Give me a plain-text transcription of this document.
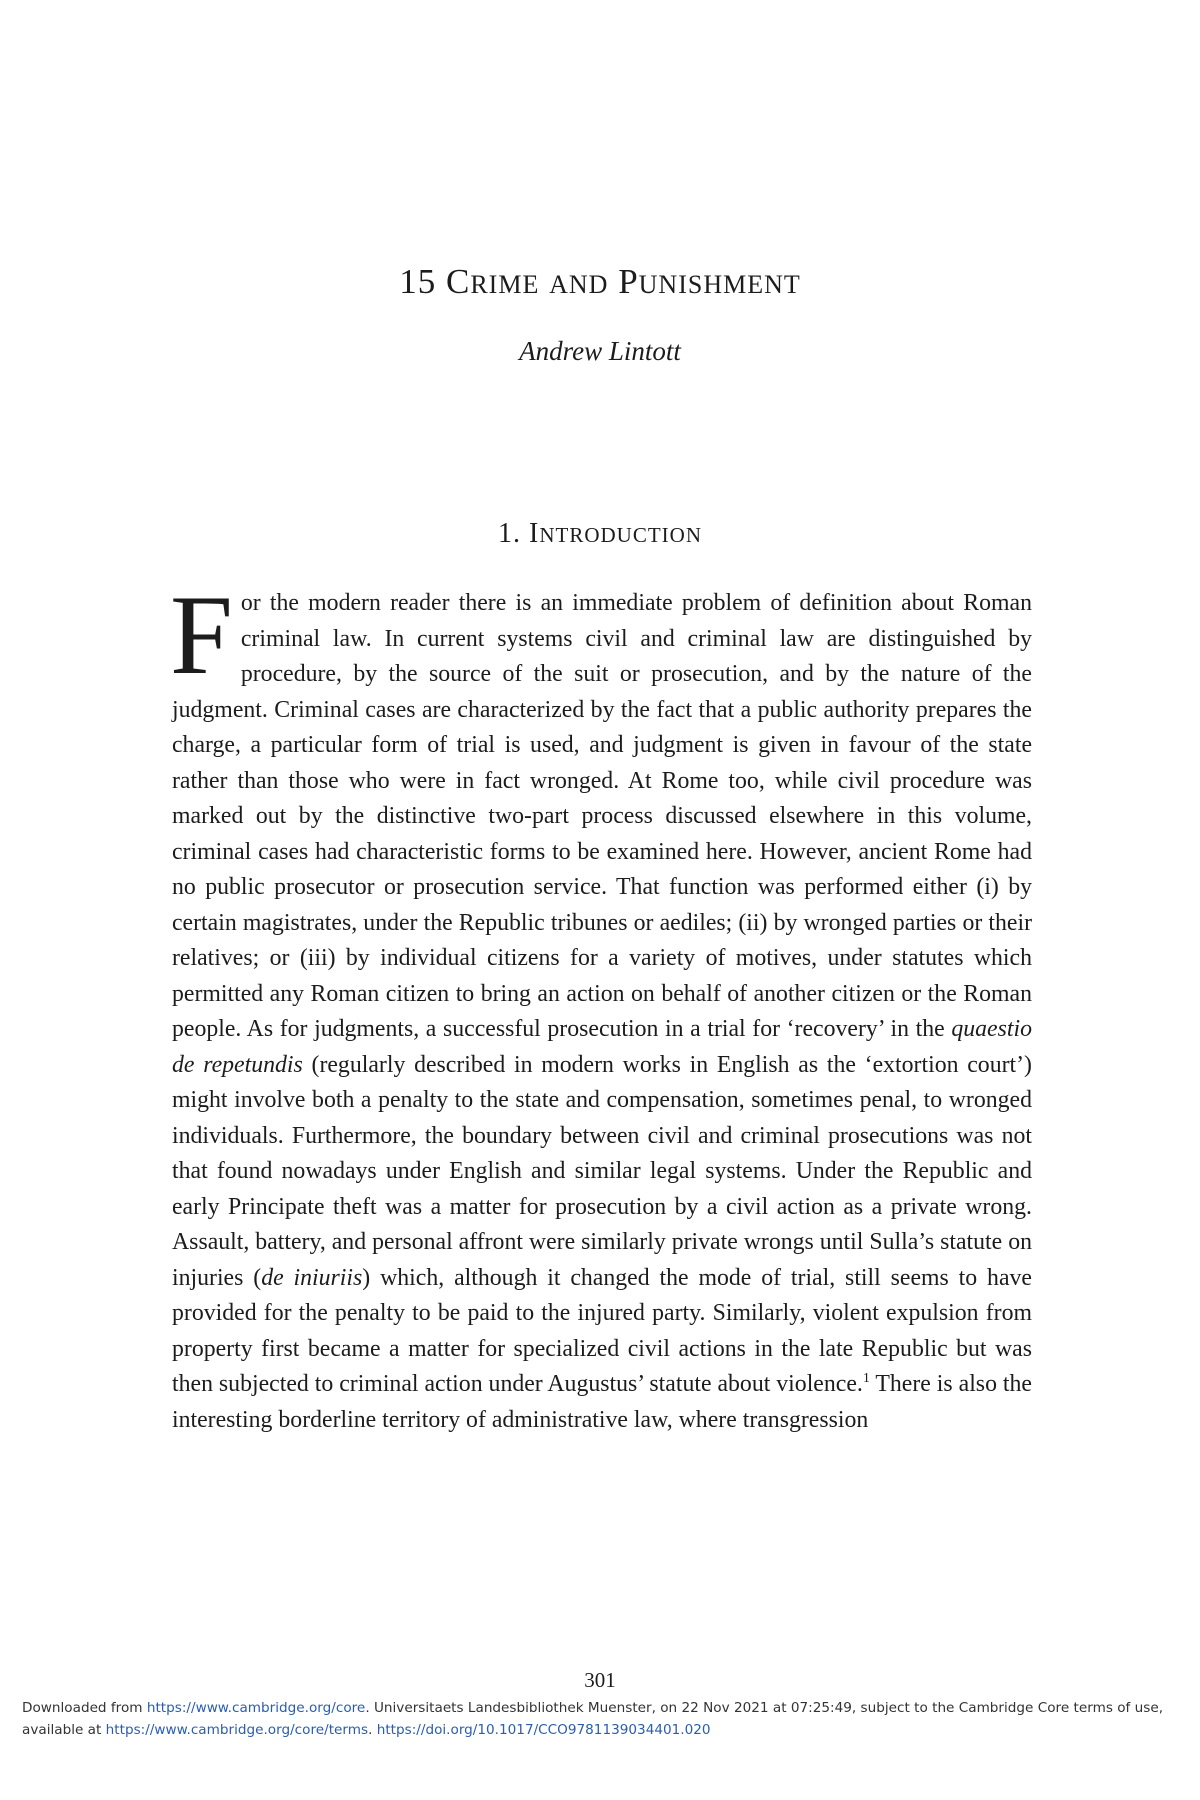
15 CRIME AND PUNISHMENT

Andrew Lintott

1. INTRODUCTION

For the modern reader there is an immediate problem of definition about Roman criminal law. In current systems civil and criminal law are distinguished by procedure, by the source of the suit or prosecution, and by the nature of the judgment. Criminal cases are characterized by the fact that a public authority prepares the charge, a particular form of trial is used, and judgment is given in favour of the state rather than those who were in fact wronged. At Rome too, while civil procedure was marked out by the distinctive two-part process discussed elsewhere in this volume, criminal cases had characteristic forms to be examined here. However, ancient Rome had no public prosecutor or prosecution service. That function was performed either (i) by certain magistrates, under the Republic tribunes or aediles; (ii) by wronged parties or their relatives; or (iii) by individual citizens for a variety of motives, under statutes which permitted any Roman citizen to bring an action on behalf of another citizen or the Roman people. As for judgments, a successful prosecution in a trial for ‘recovery’ in the quaestio de repetundis (regularly described in modern works in English as the ‘extortion court’) might involve both a penalty to the state and compensation, sometimes penal, to wronged individuals. Furthermore, the boundary between civil and criminal prosecutions was not that found nowadays under English and similar legal systems. Under the Republic and early Principate theft was a matter for prosecution by a civil action as a private wrong. Assault, battery, and personal affront were similarly private wrongs until Sulla’s statute on injuries (de iniuriis) which, although it changed the mode of trial, still seems to have provided for the penalty to be paid to the injured party. Similarly, violent expulsion from property first became a matter for specialized civil actions in the late Republic but was then subjected to criminal action under Augustus’ statute about violence.$^1$ There is also the interesting borderline territory of administrative law, where transgression

301

Downloaded from https://www.cambridge.org/core. Universitaets Landesbibliothek Muenster, on 22 Nov 2021 at 07:25:49, subject to the Cambridge Core terms of use, available at https://www.cambridge.org/core/terms. https://doi.org/10.1017/CCO9781139034401.020
